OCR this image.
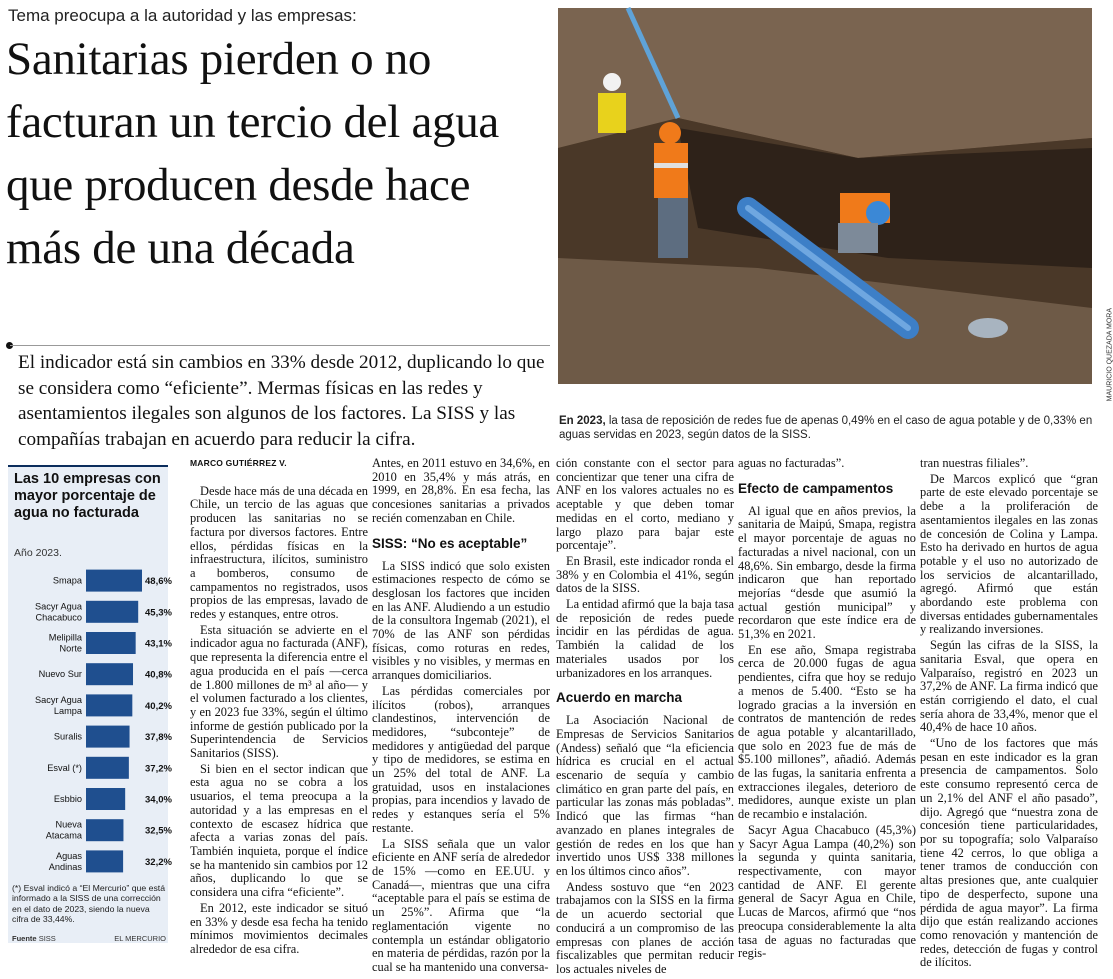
Tema preocupa a la autoridad y las empresas:
Sanitarias pierden o no facturan un tercio del agua que producen desde hace más de una década
El indicador está sin cambios en 33% desde 2012, duplicando lo que se considera como “eficiente”. Mermas físicas en las redes y asentamientos ilegales son algunos de los factores. La SISS y las compañías trabajan en acuerdo para reducir la cifra.
MAURICIO QUEZADA MORA
En 2023, la tasa de reposición de redes fue de apenas 0,49% en el caso de agua potable y de 0,33% en aguas servidas en 2023, según datos de la SISS.
Las 10 empresas con mayor porcentaje de agua no facturada
Año 2023.
Smapa	48,6%
Sacyr Agua Chacabuco	45,3%
Melipilla Norte	43,1%
Nuevo Sur	40,8%
Sacyr Agua Lampa	40,2%
Suralis	37,8%
Esval (*)	37,2%
Esbbio	34,0%
Nueva Atacama	32,5%
Aguas Andinas	32,2%
(*) Esval indicó a “El Mercurio” que está informado a la SISS de una corrección en el dato de 2023, siendo la nueva cifra de 33,44%.
Fuente SISS	EL MERCURIO
MARCO GUTIÉRREZ V.

Desde hace más de una década en Chile, un tercio de las aguas que producen las sanitarias no se factura por diversos factores. Entre ellos, pérdidas físicas en la infraestructura, ilícitos, suministro a bomberos, consumo de campamentos no registrados, usos propios de las empresas, lavado de redes y estanques, entre otros.

Esta situación se advierte en el indicador agua no facturada (ANF), que representa la diferencia entre el agua producida en el país —cerca de 1.800 millones de m³ al año— y el volumen facturado a los clientes, y en 2023 fue 33%, según el último informe de gestión publicado por la Superintendencia de Servicios Sanitarios (SISS).

Si bien en el sector indican que esta agua no se cobra a los usuarios, el tema preocupa a la autoridad y a las empresas en el contexto de escasez hídrica que afecta a varias zonas del país. También inquieta, porque el índice se ha mantenido sin cambios por 12 años, duplicando lo que se considera una cifra “eficiente”.

En 2012, este indicador se situó en 33% y desde esa fecha ha tenido mínimos movimientos decimales alrededor de esa cifra.

Antes, en 2011 estuvo en 34,6%, en 2010 en 35,4% y más atrás, en 1999, en 28,8%. En esa fecha, las concesiones sanitarias a privados recién comenzaban en Chile.

SISS: “No es aceptable”

La SISS indicó que solo existen estimaciones respecto de cómo se desglosan los factores que inciden en las ANF. Aludiendo a un estudio de la consultora Ingemab (2021), el 70% de las ANF son pérdidas físicas, como roturas en redes, visibles y no visibles, y mermas en arranques domiciliarios.

Las pérdidas comerciales por ilícitos (robos), arranques clandestinos, intervención de medidores, “subconteje” de medidores y antigüedad del parque y tipo de medidores, se estima en un 25% del total de ANF. La gratuidad, usos en instalaciones propias, para incendios y lavado de redes y estanques sería el 5% restante.

La SISS señala que un valor eficiente en ANF sería de alrededor de 15% —como en EE.UU. y Canadá—, mientras que una cifra “aceptable para el país se estima de un 25%”. Afirma que “la reglamentación vigente no contempla un estándar obligatorio en materia de pérdidas, razón por la cual se ha mantenido una conversa-

ción constante con el sector para concientizar que tener una cifra de ANF en los valores actuales no es aceptable y que deben tomar medidas en el corto, mediano y largo plazo para bajar este porcentaje”.

En Brasil, este indicador ronda el 38% y en Colombia el 41%, según datos de la SISS.

La entidad afirmó que la baja tasa de reposición de redes puede incidir en las pérdidas de agua. También la calidad de los materiales usados por los urbanizadores en los arranques.

Acuerdo en marcha

La Asociación Nacional de Empresas de Servicios Sanitarios (Andess) señaló que “la eficiencia hídrica es crucial en el actual escenario de sequía y cambio climático en gran parte del país, en particular las zonas más pobladas”. Indicó que las firmas “han avanzado en planes integrales de gestión de redes en los que han invertido unos US$ 338 millones en los últimos cinco años”.

Andess sostuvo que “en 2023 trabajamos con la SISS en la firma de un acuerdo sectorial que conducirá a un compromiso de las empresas con planes de acción fiscalizables que permitan reducir los actuales niveles de

aguas no facturadas”.

Efecto de campamentos

Al igual que en años previos, la sanitaria de Maipú, Smapa, registra el mayor porcentaje de aguas no facturadas a nivel nacional, con un 48,6%. Sin embargo, desde la firma indicaron que han reportado mejorías “desde que asumió la actual gestión municipal” y recordaron que este índice era de 51,3% en 2021.

En ese año, Smapa registraba cerca de 20.000 fugas de agua pendientes, cifra que hoy se redujo a menos de 5.400. “Esto se ha logrado gracias a la inversión en contratos de mantención de redes de agua potable y alcantarillado, que solo en 2023 fue de más de $5.100 millones”, añadió. Además de las fugas, la sanitaria enfrenta a extracciones ilegales, deterioro de medidores, aunque existe un plan de recambio e instalación.

Sacyr Agua Chacabuco (45,3%) y Sacyr Agua Lampa (40,2%) son la segunda y quinta sanitaria, respectivamente, con mayor cantidad de ANF. El gerente general de Sacyr Agua en Chile, Lucas de Marcos, afirmó que “nos preocupa considerablemente la alta tasa de aguas no facturadas que regis-

tran nuestras filiales”.

De Marcos explicó que “gran parte de este elevado porcentaje se debe a la proliferación de asentamientos ilegales en las zonas de concesión de Colina y Lampa. Esto ha derivado en hurtos de agua potable y el uso no autorizado de los servicios de alcantarillado, agregó. Afirmó que están abordando este problema con diversas entidades gubernamentales y realizando inversiones.

Según las cifras de la SISS, la sanitaria Esval, que opera en Valparaíso, registró en 2023 un 37,2% de ANF. La firma indicó que están corrigiendo el dato, el cual sería ahora de 33,4%, menor que el 40,4% de hace 10 años.

“Uno de los factores que más pesan en este indicador es la gran presencia de campamentos. Solo este consumo representó cerca de un 2,1% del ANF el año pasado”, dijo. Agregó que “nuestra zona de concesión tiene particularidades, por su topografía; solo Valparaíso tiene 42 cerros, lo que obliga a tener tramos de conducción con altas presiones que, ante cualquier tipo de desperfecto, supone una pérdida de agua mayor”. La firma dijo que están realizando acciones como renovación y mantención de redes, detección de fugas y control de ilícitos.
